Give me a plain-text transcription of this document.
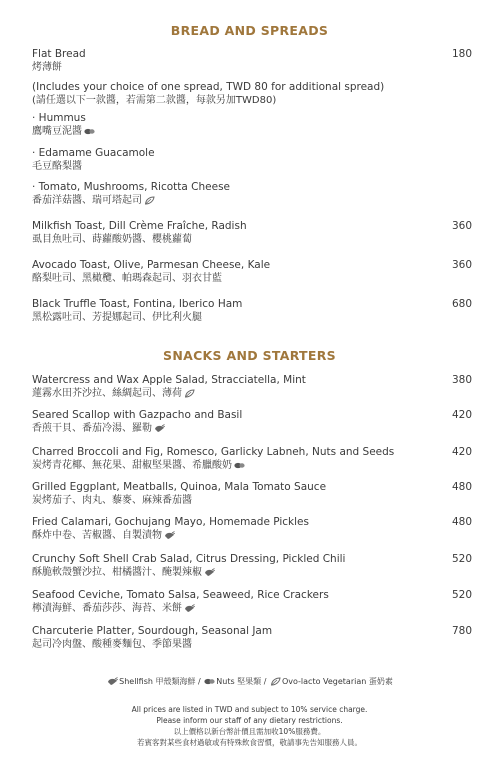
BREAD AND SPREADS
Flat Bread
烤薄餅
180
(Includes your choice of one spread, TWD 80 for additional spread)
(請任選以下一款醬，若需第二款醬，每款另加TWD80)
· Hummus
鷹嘴豆泥醬
· Edamame Guacamole
毛豆酪梨醬
· Tomato, Mushrooms, Ricotta Cheese
番茄洋菇醬、瑞可塔起司
Milkfish Toast, Dill Crème Fraîche, Radish
虱目魚吐司、蒔蘿酸奶醬、櫻桃蘿蔔
360
Avocado Toast, Olive, Parmesan Cheese, Kale
酪梨吐司、黑橄欖、帕瑪森起司、羽衣甘藍
360
Black Truffle Toast, Fontina, Iberico Ham
黑松露吐司、芳提娜起司、伊比利火腿
680
SNACKS AND STARTERS
Watercress and Wax Apple Salad, Stracciatella, Mint
蓮霧水田芥沙拉、絲綢起司、薄荷
380
Seared Scallop with Gazpacho and Basil
香煎干貝、番茄冷湯、羅勒
420
Charred Broccoli and Fig, Romesco, Garlicky Labneh, Nuts and Seeds
炭烤青花椰、無花果、甜椒堅果醬、希臘酸奶
420
Grilled Eggplant, Meatballs, Quinoa, Mala Tomato Sauce
炭烤茄子、肉丸、藜麥、麻辣番茄醬
480
Fried Calamari, Gochujang Mayo, Homemade Pickles
酥炸中卷、苦椒醬、自製漬物
480
Crunchy Soft Shell Crab Salad, Citrus Dressing, Pickled Chili
酥脆軟殼蟹沙拉、柑橘醬汁、醃製辣椒
520
Seafood Ceviche, Tomato Salsa, Seaweed, Rice Crackers
檸漬海鮮、番茄莎莎、海苔、米餅
520
Charcuterie Platter, Sourdough, Seasonal Jam
起司冷肉盤、酸種麥麵包、季節果醬
780
Shellfish 甲殼類海鮮 / Nuts 堅果類 / Ovo-lacto Vegetarian 蛋奶素
All prices are listed in TWD and subject to 10% service charge.
Please inform our staff of any dietary restrictions.
以上價格以新台幣計價且需加收10%服務費。
若賓客對某些食材過敏或有特殊飲食習慣，敬請事先告知服務人員。
